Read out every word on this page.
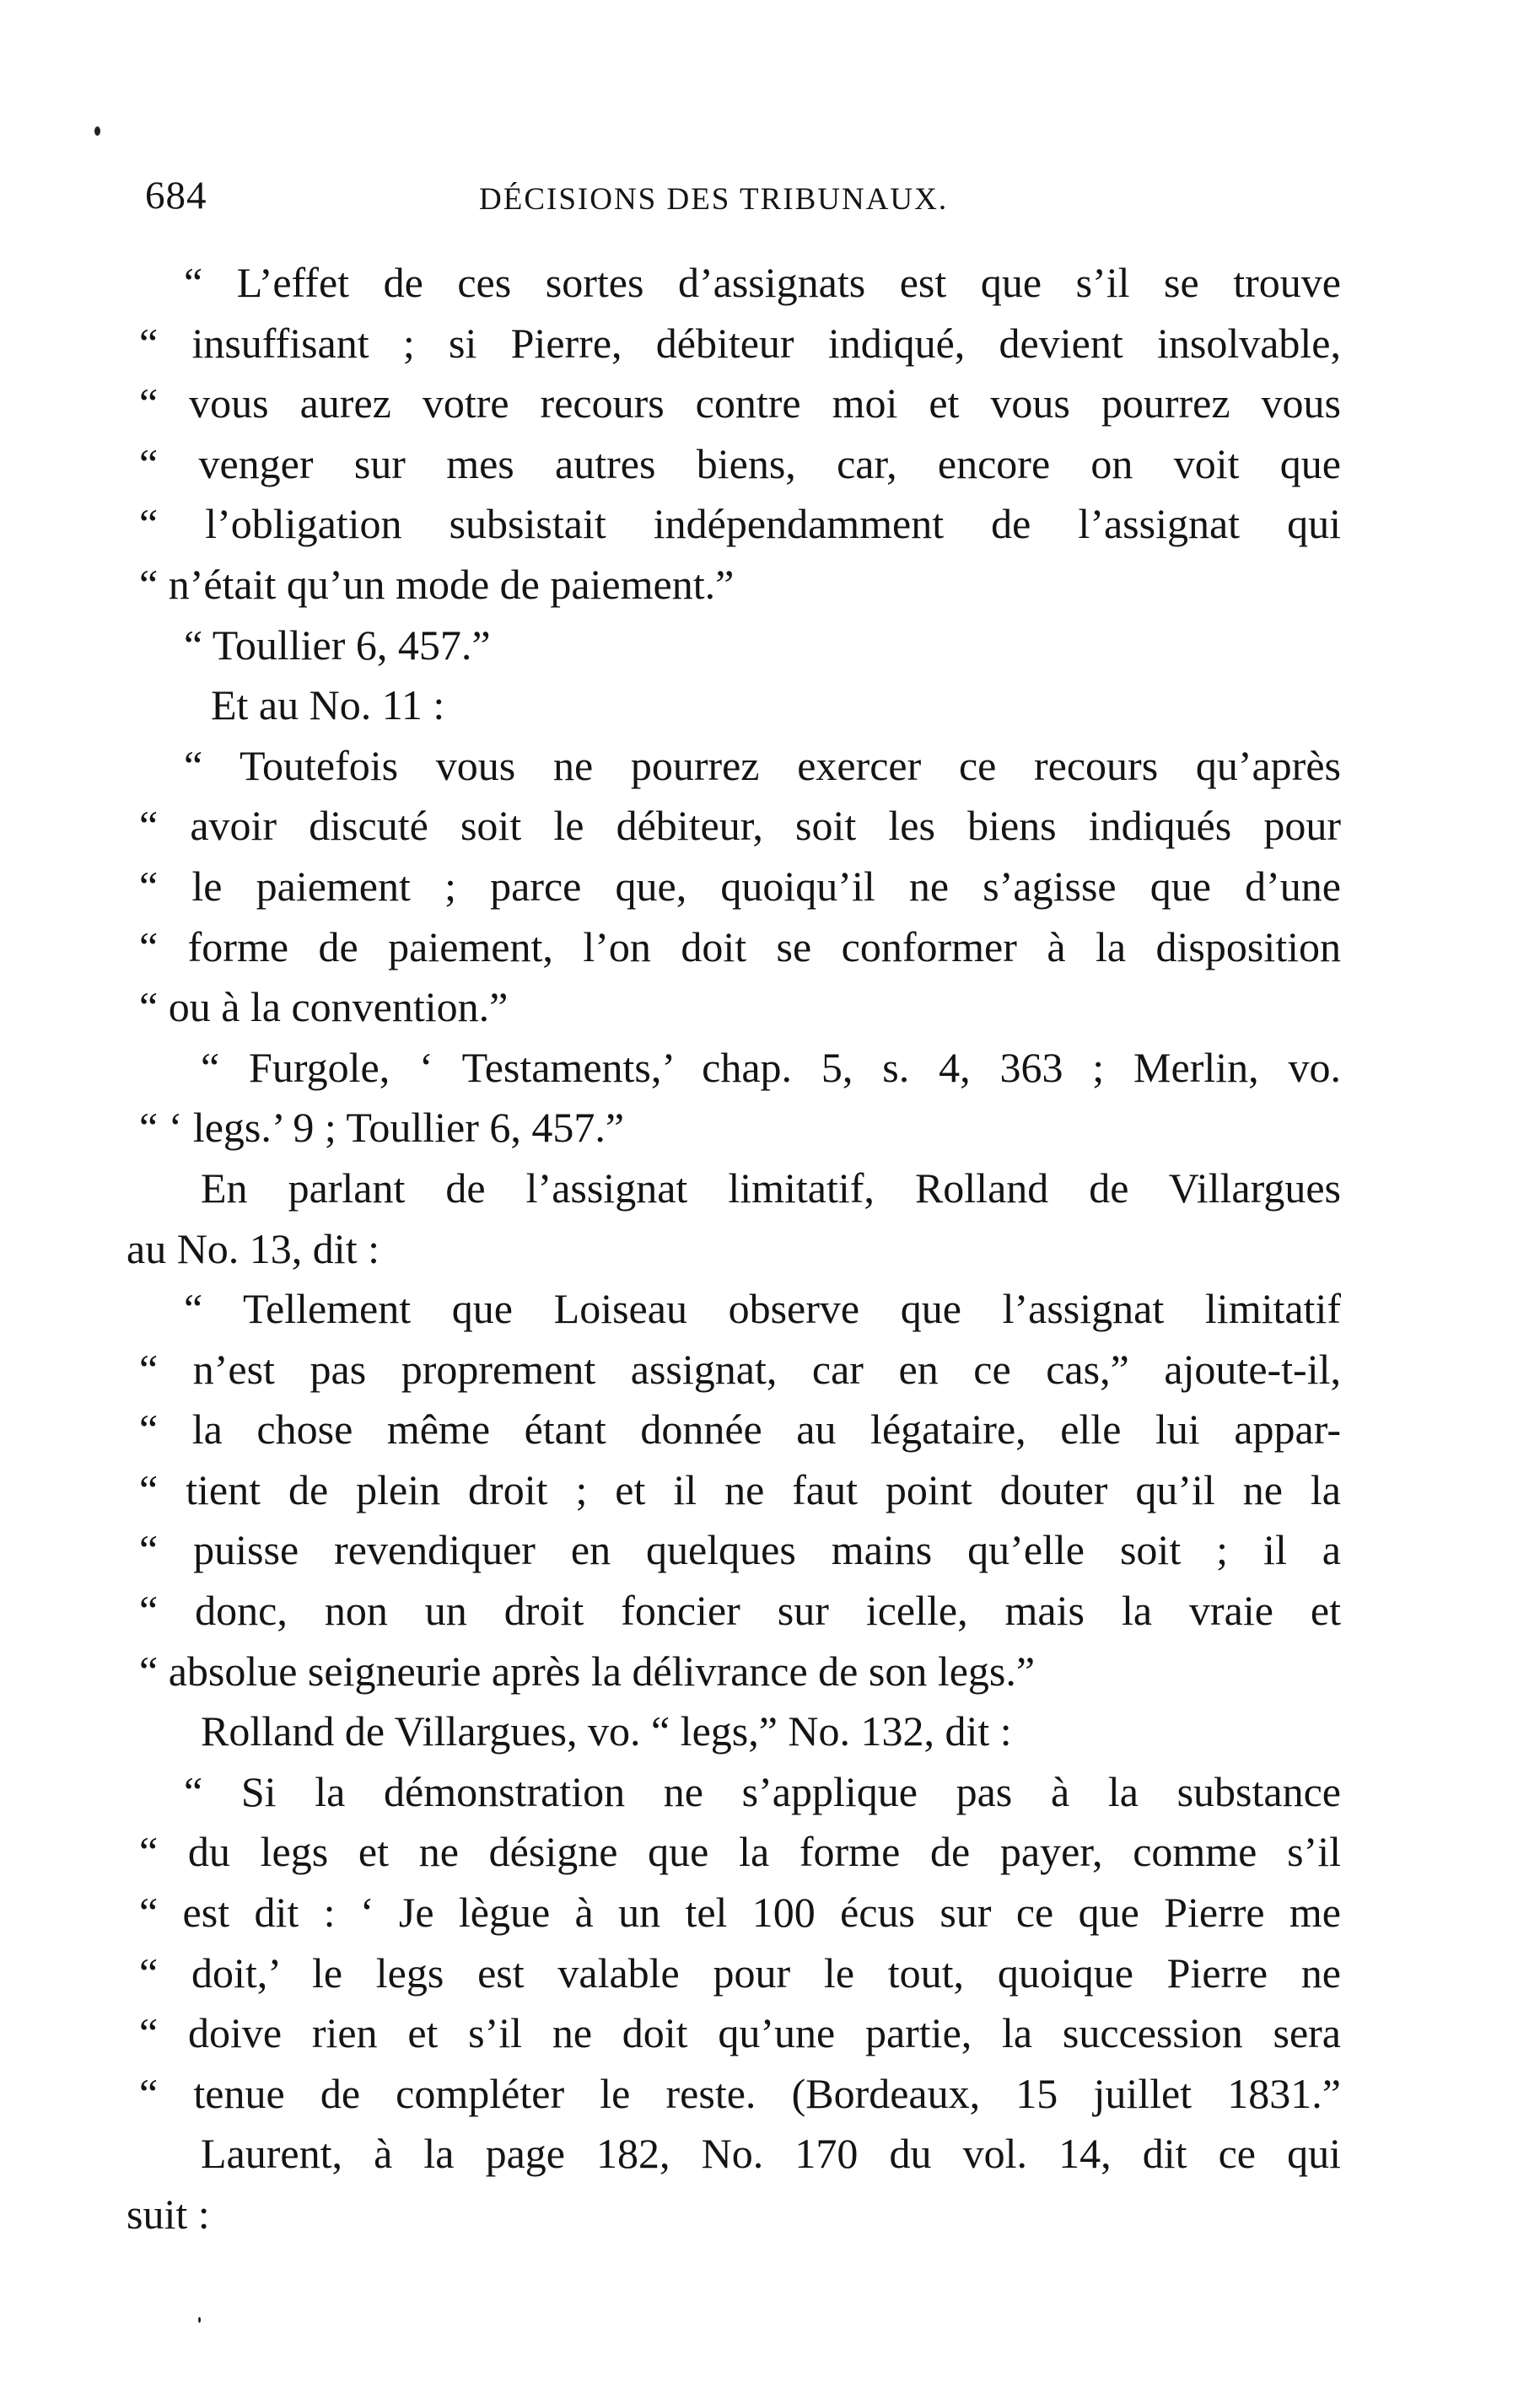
684	DÉCISIONS DES TRIBUNAUX.
“ L’effet de ces sortes d’assignats est que s’il se trouve
“ insuffisant ; si Pierre, débiteur indiqué, devient insolvable,
“ vous aurez votre recours contre moi et vous pourrez vous
“ venger sur mes autres biens, car, encore on voit que
“ l’obligation subsistait indépendamment de l’assignat qui
“ n’était qu’un mode de paiement.”
“ Toullier 6, 457.”
Et au No. 11 :
“ Toutefois vous ne pourrez exercer ce recours qu’après
“ avoir discuté soit le débiteur, soit les biens indiqués pour
“ le paiement ; parce que, quoiqu’il ne s’agisse que d’une
“ forme de paiement, l’on doit se conformer à la disposition
“ ou à la convention.”
“ Furgole, ‘ Testaments,’ chap. 5, s. 4, 363 ; Merlin, vo.
“ ‘ legs.’ 9 ; Toullier 6, 457.”
En parlant de l’assignat limitatif, Rolland de Villargues
au No. 13, dit :
“ Tellement que Loiseau observe que l’assignat limitatif
“ n’est pas proprement assignat, car en ce cas,” ajoute-t-il,
“ la chose même étant donnée au légataire, elle lui appar-
“ tient de plein droit ; et il ne faut point douter qu’il ne la
“ puisse revendiquer en quelques mains qu’elle soit ; il a
“ donc, non un droit foncier sur icelle, mais la vraie et
“ absolue seigneurie après la délivrance de son legs.”
Rolland de Villargues, vo. “ legs,” No. 132, dit :
“ Si la démonstration ne s’applique pas à la substance
“ du legs et ne désigne que la forme de payer, comme s’il
“ est dit : ‘ Je lègue à un tel 100 écus sur ce que Pierre me
“ doit,’ le legs est valable pour le tout, quoique Pierre ne
“ doive rien et s’il ne doit qu’une partie, la succession sera
“ tenue de compléter le reste. (Bordeaux, 15 juillet 1831.”
Laurent, à la page 182, No. 170 du vol. 14, dit ce qui
suit :
